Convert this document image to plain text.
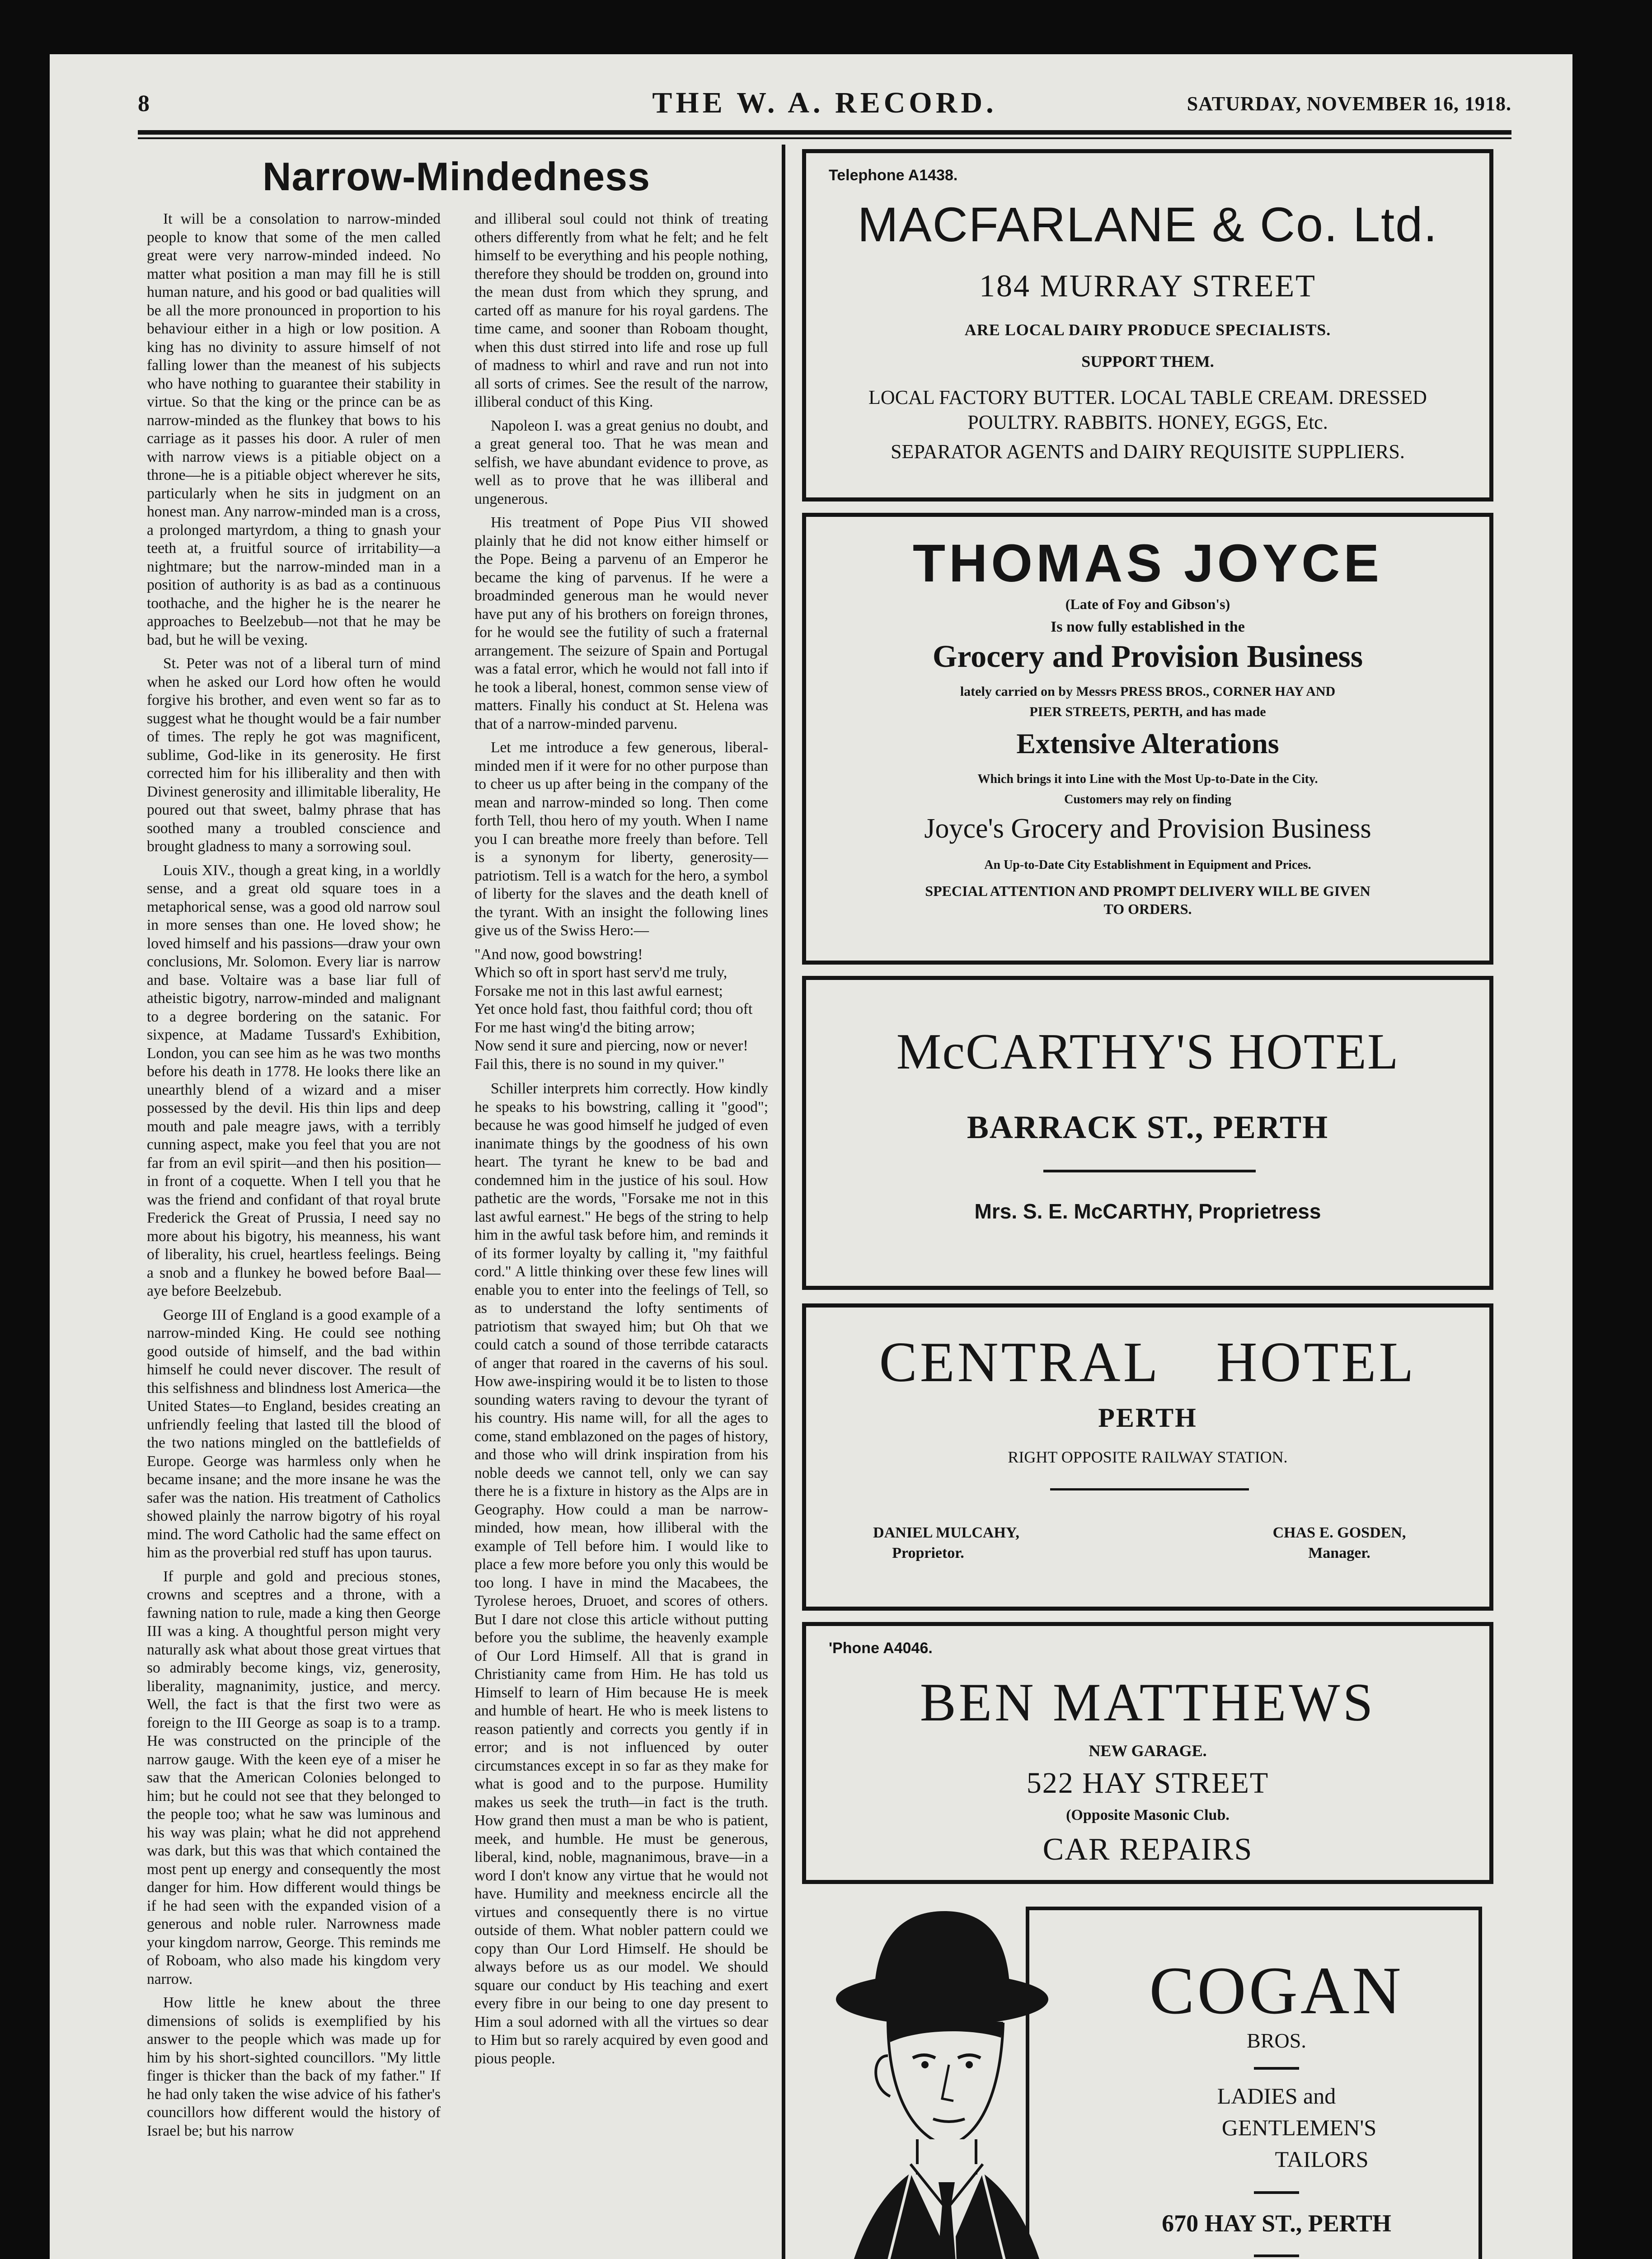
8	THE W. A. RECORD.	SATURDAY, NOVEMBER 16, 1918.
Narrow-Mindedness

It will be a consolation to narrow-minded people to know that some of the men called great were very narrow-minded indeed. No matter what position a man may fill he is still human nature, and his good or bad qualities will be all the more pronounced in proportion to his behaviour either in a high or low position. A king has no divinity to assure himself of not falling lower than the meanest of his subjects who have nothing to guarantee their stability in virtue. So that the king or the prince can be as narrow-minded as the flunkey that bows to his carriage as it passes his door. A ruler of men with narrow views is a pitiable object on a throne—he is a pitiable object wherever he sits, particularly when he sits in judgment on an honest man. Any narrow-minded man is a cross, a prolonged martyrdom, a thing to gnash your teeth at, a fruitful source of irritability—a nightmare; but the narrow-minded man in a position of authority is as bad as a continuous toothache, and the higher he is the nearer he approaches to Beelzebub—not that he may be bad, but he will be vexing.

St. Peter was not of a liberal turn of mind when he asked our Lord how often he would forgive his brother, and even went so far as to suggest what he thought would be a fair number of times. The reply he got was magnificent, sublime, God-like in its generosity. He first corrected him for his illiberality and then with Divinest generosity and illimitable liberality, He poured out that sweet, balmy phrase that has soothed many a troubled conscience and brought gladness to many a sorrowing soul.

Louis XIV., though a great king, in a worldly sense, and a great old square toes in a metaphorical sense, was a good old narrow soul in more senses than one. He loved show; he loved himself and his passions—draw your own conclusions, Mr. Solomon. Every liar is narrow and base. Voltaire was a base liar full of atheistic bigotry, narrow-minded and malignant to a degree bordering on the satanic. For sixpence, at Madame Tussard's Exhibition, London, you can see him as he was two months before his death in 1778. He looks there like an unearthly blend of a wizard and a miser possessed by the devil. His thin lips and deep mouth and pale meagre jaws, with a terribly cunning aspect, make you feel that you are not far from an evil spirit—and then his position—in front of a coquette. When I tell you that he was the friend and confidant of that royal brute Frederick the Great of Prussia, I need say no more about his bigotry, his meanness, his want of liberality, his cruel, heartless feelings. Being a snob and a flunkey he bowed before Baal—aye before Beelzebub.

George III of England is a good example of a narrow-minded King. He could see nothing good outside of himself, and the bad within himself he could never discover. The result of this selfishness and blindness lost America—the United States—to England, besides creating an unfriendly feeling that lasted till the blood of the two nations mingled on the battlefields of Europe. George was harmless only when he became insane; and the more insane he was the safer was the nation. His treatment of Catholics showed plainly the narrow bigotry of his royal mind. The word Catholic had the same effect on him as the proverbial red stuff has upon taurus.

If purple and gold and precious stones, crowns and sceptres and a throne, with a fawning nation to rule, made a king then George III was a king. A thoughtful person might very naturally ask what about those great virtues that so admirably become kings, viz, generosity, liberality, magnanimity, justice, and mercy. Well, the fact is that the first two were as foreign to the III George as soap is to a tramp. He was constructed on the principle of the narrow gauge. With the keen eye of a miser he saw that the American Colonies belonged to him; but he could not see that they belonged to the people too; what he saw was luminous and his way was plain; what he did not apprehend was dark, but this was that which contained the most pent up energy and consequently the most danger for him. How different would things be if he had seen with the expanded vision of a generous and noble ruler. Narrowness made your kingdom narrow, George. This reminds me of Roboam, who also made his kingdom very narrow.

How little he knew about the three dimensions of solids is exemplified by his answer to the people which was made up for him by his short-sighted councillors. "My little finger is thicker than the back of my father." If he had only taken the wise advice of his father's councillors how different would the history of Israel be; but his narrow

and illiberal soul could not think of treating others differently from what he felt; and he felt himself to be everything and his people nothing, therefore they should be trodden on, ground into the mean dust from which they sprung, and carted off as manure for his royal gardens. The time came, and sooner than Roboam thought, when this dust stirred into life and rose up full of madness to whirl and rave and run not into all sorts of crimes. See the result of the narrow, illiberal conduct of this King.

Napoleon I. was a great genius no doubt, and a great general too. That he was mean and selfish, we have abundant evidence to prove, as well as to prove that he was illiberal and ungenerous.

His treatment of Pope Pius VII showed plainly that he did not know either himself or the Pope. Being a parvenu of an Emperor he became the king of parvenus. If he were a broadminded generous man he would never have put any of his brothers on foreign thrones, for he would see the futility of such a fraternal arrangement. The seizure of Spain and Portugal was a fatal error, which he would not fall into if he took a liberal, honest, common sense view of matters. Finally his conduct at St. Helena was that of a narrow-minded parvenu.

Let me introduce a few generous, liberal-minded men if it were for no other purpose than to cheer us up after being in the company of the mean and narrow-minded so long. Then come forth Tell, thou hero of my youth. When I name you I can breathe more freely than before. Tell is a synonym for liberty, generosity—patriotism. Tell is a watch for the hero, a symbol of liberty for the slaves and the death knell of the tyrant. With an insight the following lines give us of the Swiss Hero:—

"And now, good bowstring!
Which so oft in sport hast serv'd me truly,
Forsake me not in this last awful earnest;
Yet once hold fast, thou faithful cord; thou oft
For me hast wing'd the biting arrow;
Now send it sure and piercing, now or never!
Fail this, there is no sound in my quiver."

Schiller interprets him correctly. How kindly he speaks to his bowstring, calling it "good"; because he was good himself he judged of even inanimate things by the goodness of his own heart. The tyrant he knew to be bad and condemned him in the justice of his soul. How pathetic are the words, "Forsake me not in this last awful earnest." He begs of the string to help him in the awful task before him, and reminds it of its former loyalty by calling it, "my faithful cord." A little thinking over these few lines will enable you to enter into the feelings of Tell, so as to understand the lofty sentiments of patriotism that swayed him; but Oh that we could catch a sound of those terribde cataracts of anger that roared in the caverns of his soul. How awe-inspiring would it be to listen to those sounding waters raving to devour the tyrant of his country. His name will, for all the ages to come, stand emblazoned on the pages of history, and those who will drink inspiration from his noble deeds we cannot tell, only we can say there he is a fixture in history as the Alps are in Geography. How could a man be narrow-minded, how mean, how illiberal with the example of Tell before him. I would like to place a few more before you only this would be too long. I have in mind the Macabees, the Tyrolese heroes, Druoet, and scores of others. But I dare not close this article without putting before you the sublime, the heavenly example of Our Lord Himself. All that is grand in Christianity came from Him. He has told us Himself to learn of Him because He is meek and humble of heart. He who is meek listens to reason patiently and corrects you gently if in error; and is not influenced by outer circumstances except in so far as they make for what is good and to the purpose. Humility makes us seek the truth—in fact is the truth. How grand then must a man be who is patient, meek, and humble. He must be generous, liberal, kind, noble, magnanimous, brave—in a word I don't know any virtue that he would not have. Humility and meekness encircle all the virtues and consequently there is no virtue outside of them. What nobler pattern could we copy than Our Lord Himself. He should be always before us as our model. We should square our conduct by His teaching and exert every fibre in our being to one day present to Him a soul adorned with all the virtues so dear to Him but so rarely acquired by even good and pious people.

Telephone A1438.
MACFARLANE & Co. Ltd.
184 MURRAY STREET
ARE LOCAL DAIRY PRODUCE SPECIALISTS.
SUPPORT THEM.
LOCAL FACTORY BUTTER. LOCAL TABLE CREAM. DRESSED
POULTRY. RABBITS. HONEY, EGGS, Etc.
SEPARATOR AGENTS and DAIRY REQUISITE SUPPLIERS.
THOMAS JOYCE
(Late of Foy and Gibson's)
Is now fully established in the
Grocery and Provision Business
lately carried on by Messrs PRESS BROS., CORNER HAY AND
PIER STREETS, PERTH, and has made
Extensive Alterations
Which brings it into Line with the Most Up-to-Date in the City.
Customers may rely on finding
Joyce's Grocery and Provision Business
An Up-to-Date City Establishment in Equipment and Prices.
SPECIAL ATTENTION AND PROMPT DELIVERY WILL BE GIVEN
TO ORDERS.
McCARTHY'S HOTEL
BARRACK ST., PERTH
Mrs. S. E. McCARTHY, Proprietress
CENTRAL HOTEL
PERTH
RIGHT OPPOSITE RAILWAY STATION.
DANIEL MULCAHY,
Proprietor.
CHAS E. GOSDEN,
Manager.
'Phone A4046.
BEN MATTHEWS
NEW GARAGE.
522 HAY STREET
(Opposite Masonic Club.
CAR REPAIRS
COGAN
BROS.
LADIES and
GENTLEMEN'S
TAILORS
670 HAY ST., PERTH
